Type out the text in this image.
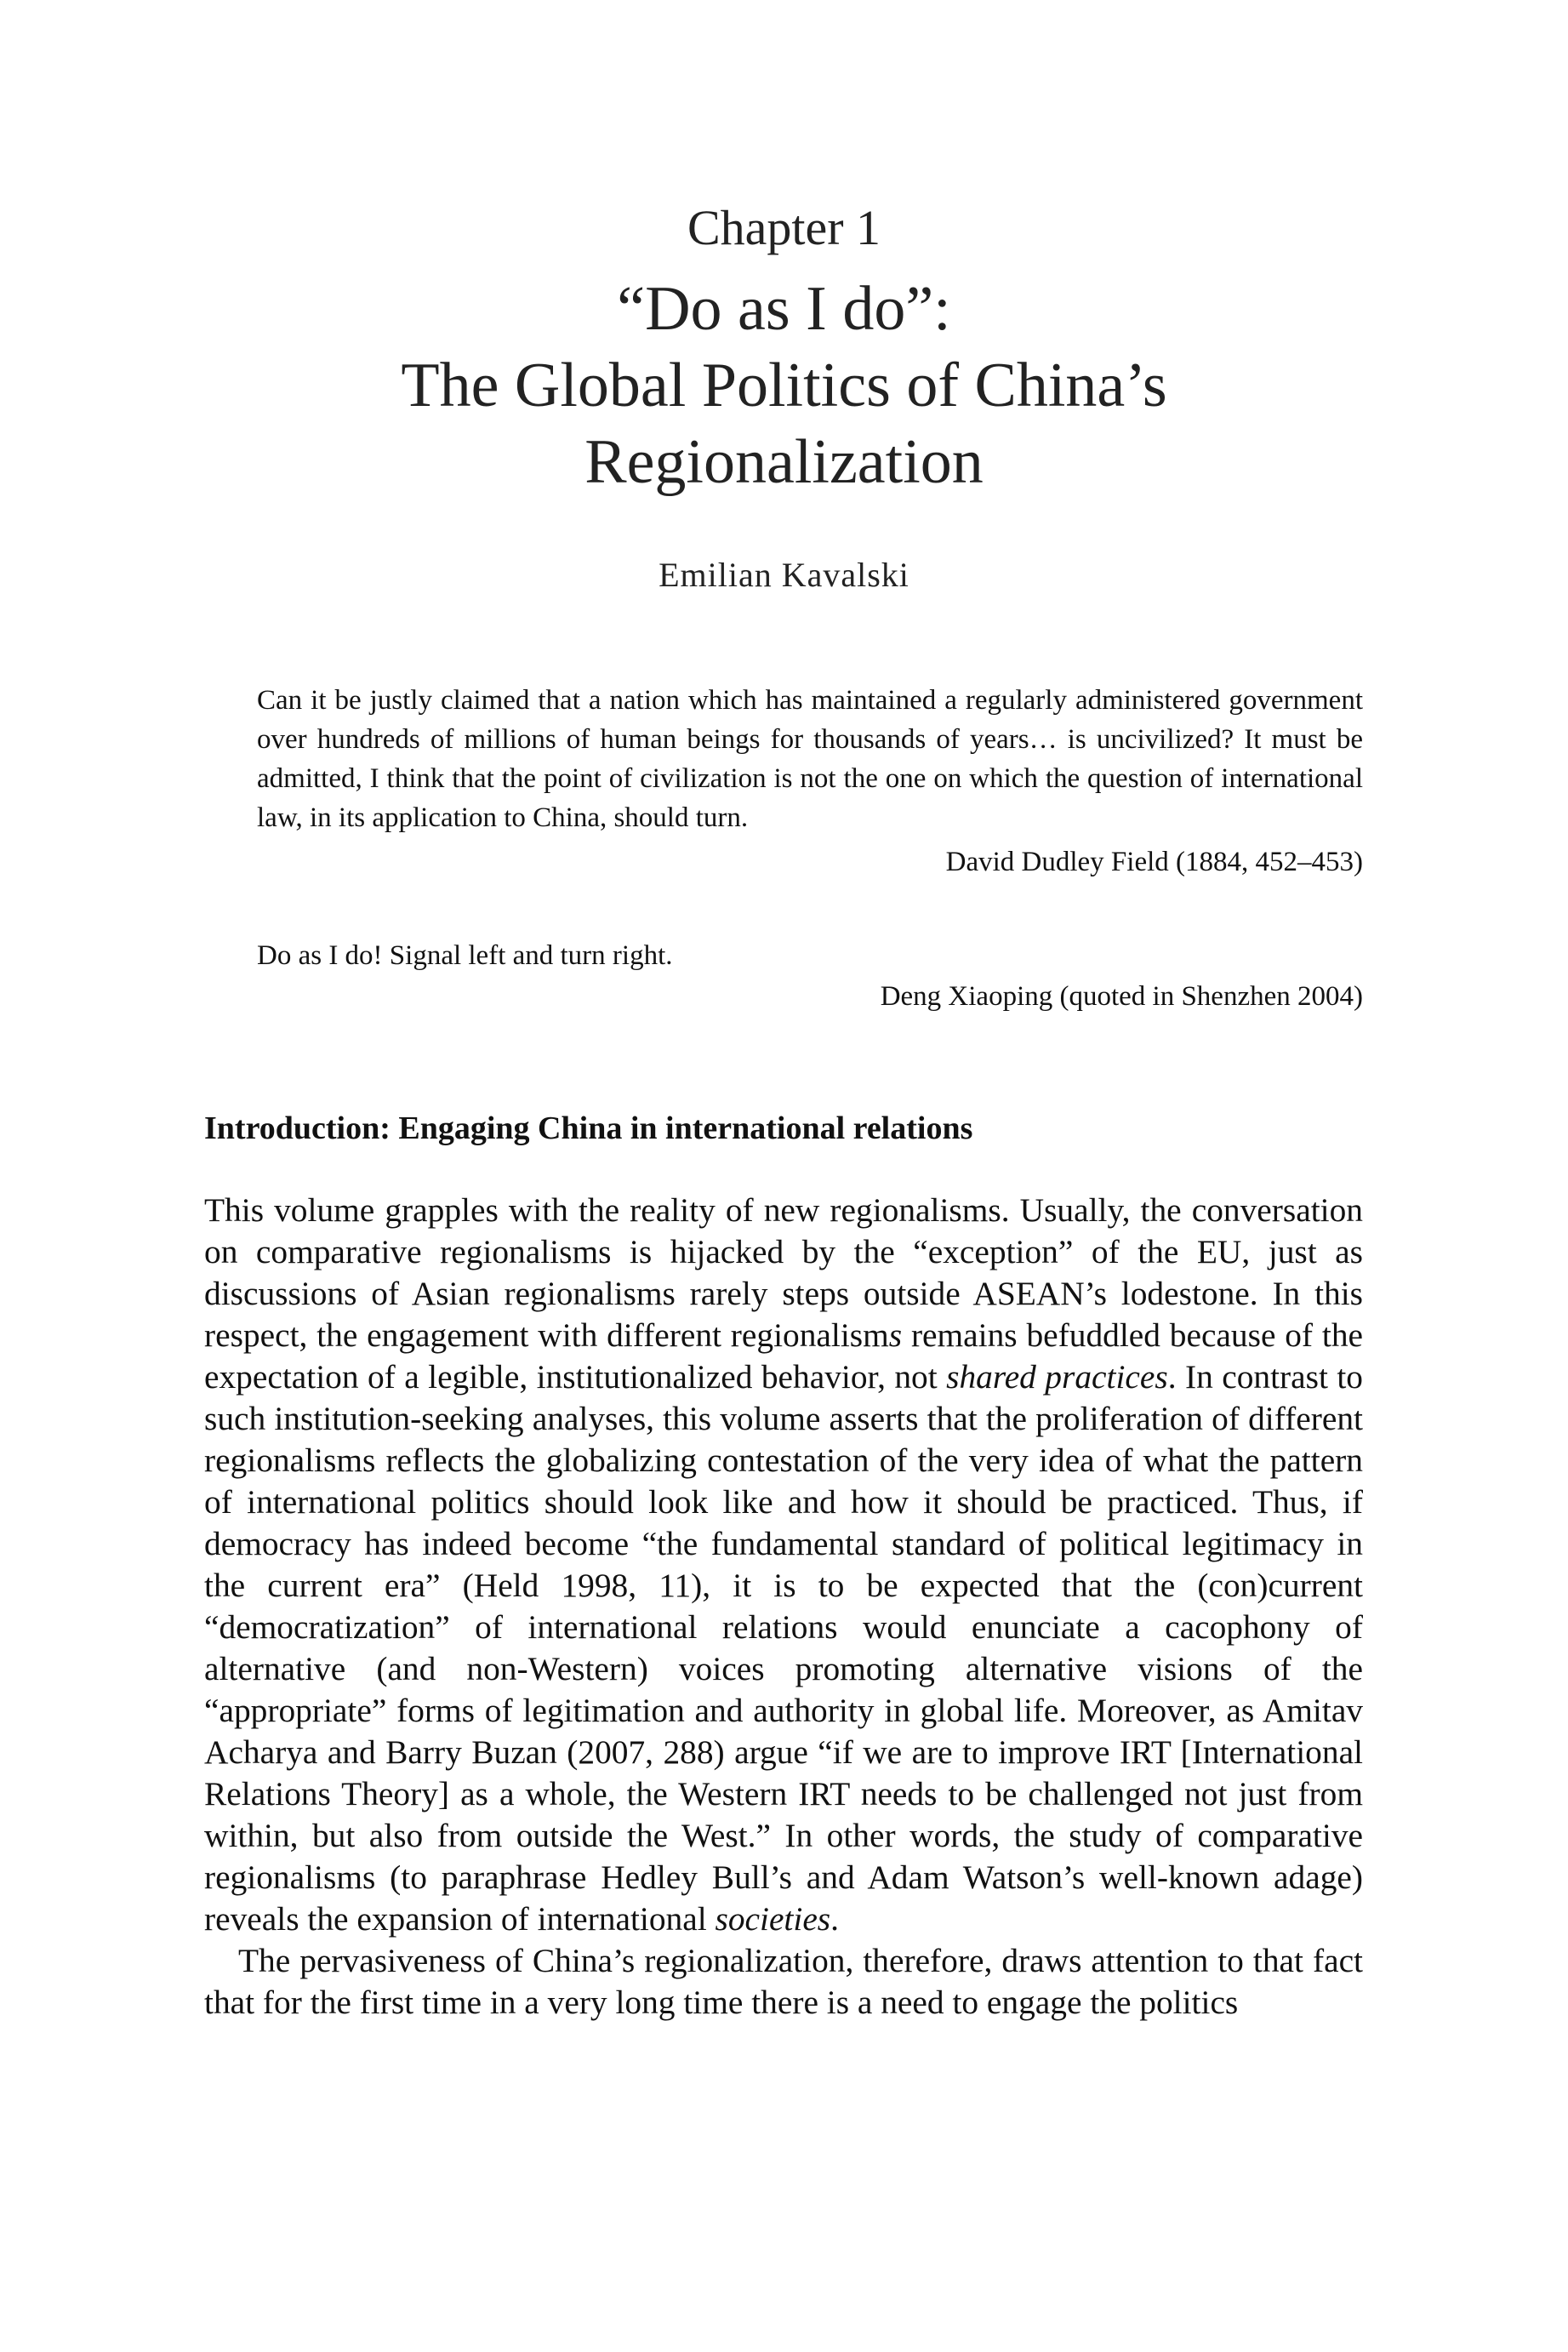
Chapter 1
“Do as I do”:
The Global Politics of China’s
Regionalization
Emilian Kavalski
Can it be justly claimed that a nation which has maintained a regularly administered government over hundreds of millions of human beings for thousands of years… is uncivilized? It must be admitted, I think that the point of civilization is not the one on which the question of international law, in its application to China, should turn.
David Dudley Field (1884, 452–453)
Do as I do! Signal left and turn right.
Deng Xiaoping (quoted in Shenzhen 2004)
Introduction: Engaging China in international relations

This volume grapples with the reality of new regionalisms. Usually, the conversation on comparative regionalisms is hijacked by the “exception” of the EU, just as discussions of Asian regionalisms rarely steps outside ASEAN’s lodestone. In this respect, the engagement with different regionalisms remains befuddled because of the expectation of a legible, institutionalized behavior, not shared practices. In contrast to such institution-seeking analyses, this volume asserts that the proliferation of different regionalisms reflects the globalizing contestation of the very idea of what the pattern of international politics should look like and how it should be practiced. Thus, if democracy has indeed become “the fundamental standard of political legitimacy in the current era” (Held 1998, 11), it is to be expected that the (con)current “democratization” of international relations would enunciate a cacophony of alternative (and non-Western) voices promoting alternative visions of the “appropriate” forms of legitimation and authority in global life. Moreover, as Amitav Acharya and Barry Buzan (2007, 288) argue “if we are to improve IRT [International Relations Theory] as a whole, the Western IRT needs to be challenged not just from within, but also from outside the West.” In other words, the study of comparative regionalisms (to paraphrase Hedley Bull’s and Adam Watson’s well-known adage) reveals the expansion of international societies.

The pervasiveness of China’s regionalization, therefore, draws attention to that fact that for the first time in a very long time there is a need to engage the politics
